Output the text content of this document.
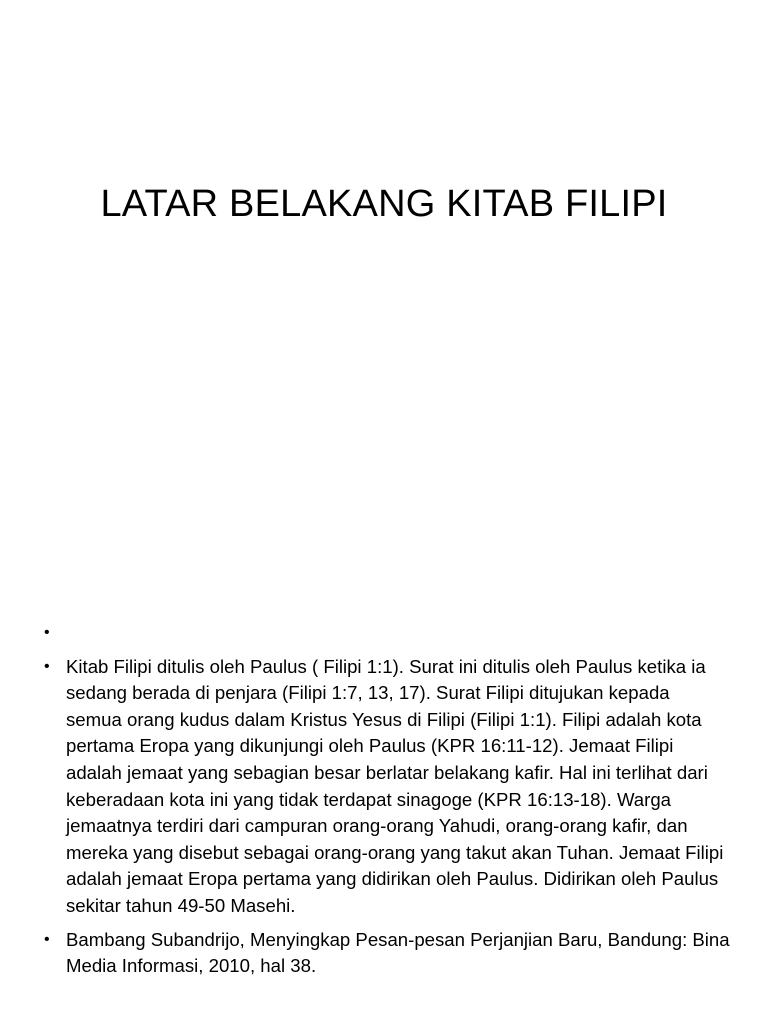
LATAR BELAKANG KITAB FILIPI
•
• Kitab Filipi ditulis oleh Paulus ( Filipi 1:1). Surat ini ditulis oleh Paulus ketika ia sedang berada di penjara (Filipi 1:7, 13, 17). Surat Filipi ditujukan kepada semua orang kudus dalam Kristus Yesus di Filipi (Filipi 1:1). Filipi adalah kota pertama Eropa yang dikunjungi oleh Paulus (KPR 16:11-12). Jemaat Filipi adalah jemaat yang sebagian besar berlatar belakang kafir. Hal ini terlihat dari keberadaan kota ini yang tidak terdapat sinagoge (KPR 16:13-18). Warga jemaatnya terdiri dari campuran orang-orang Yahudi, orang-orang kafir, dan mereka yang disebut sebagai orang-orang yang takut akan Tuhan. Jemaat Filipi adalah jemaat Eropa pertama yang didirikan oleh Paulus. Didirikan oleh Paulus sekitar tahun 49-50 Masehi.
• Bambang Subandrijo, Menyingkap Pesan-pesan Perjanjian Baru, Bandung: Bina Media Informasi, 2010, hal 38.
